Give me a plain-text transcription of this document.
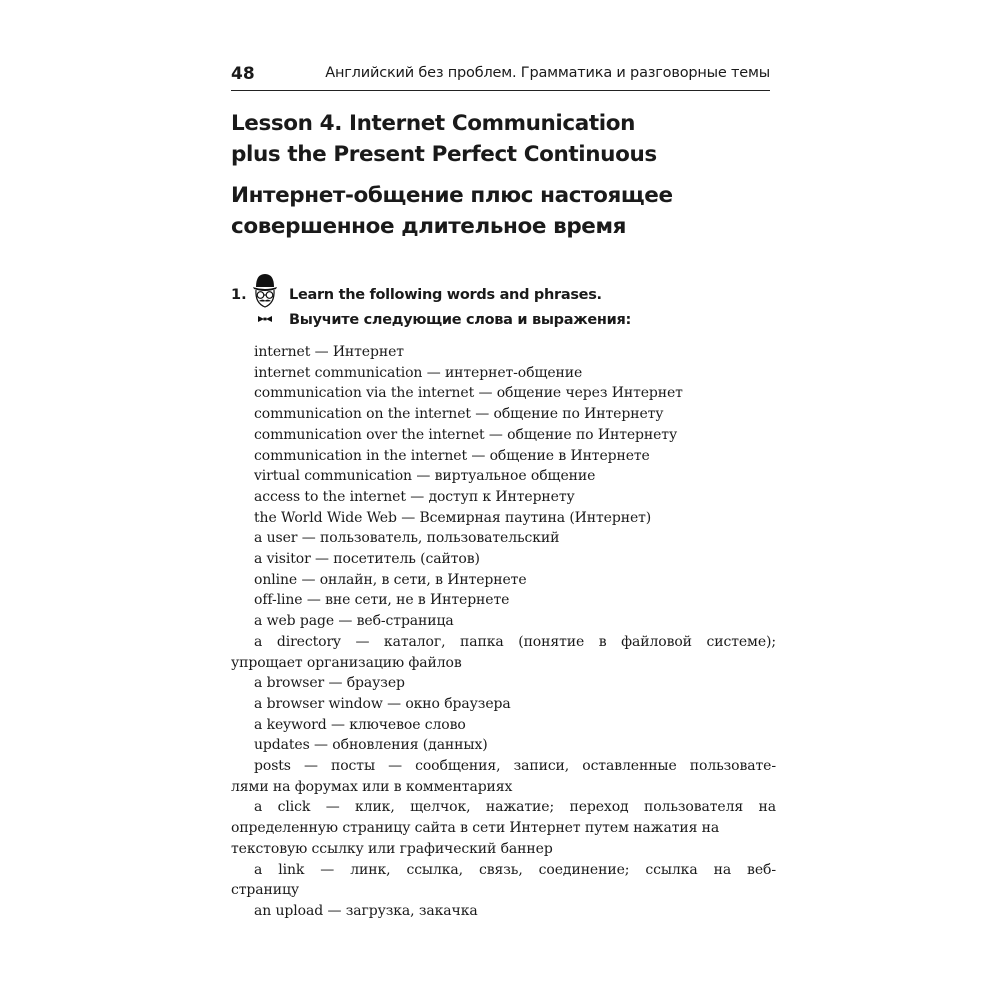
48	Английский без проблем. Грамматика и разговорные темы
Lesson 4. Internet Communication
plus the Present Perfect Continuous
Интернет-общение плюс настоящее
совершенное длительное время
1.	Learn the following words and phrases.
Выучите следующие слова и выражения:
internet — Интернет
internet communication — интернет-общение
communication via the internet — общение через Интернет
communication on the internet — общение по Интернету
communication over the internet — общение по Интернету
communication in the internet — общение в Интернете
virtual communication — виртуальное общение
access to the internet — доступ к Интернету
the World Wide Web — Всемирная паутина (Интернет)
a user — пользователь, пользовательский
a visitor — посетитель (сайтов)
online — онлайн, в сети, в Интернете
off-line — вне сети, не в Интернете
a web page — веб-страница
a directory — каталог, папка (понятие в файловой системе);
упрощает организацию файлов
a browser — браузер
a browser window — окно браузера
a keyword — ключевое слово
updates — обновления (данных)
posts — посты — сообщения, записи, оставленные пользовате-
лями на форумах или в комментариях
a click — клик, щелчок, нажатие; переход пользователя на
определенную страницу сайта в сети Интернет путем нажатия на
текстовую ссылку или графический баннер
a link — линк, ссылка, связь, соединение; ссылка на веб-
страницу
an upload — загрузка, закачка
